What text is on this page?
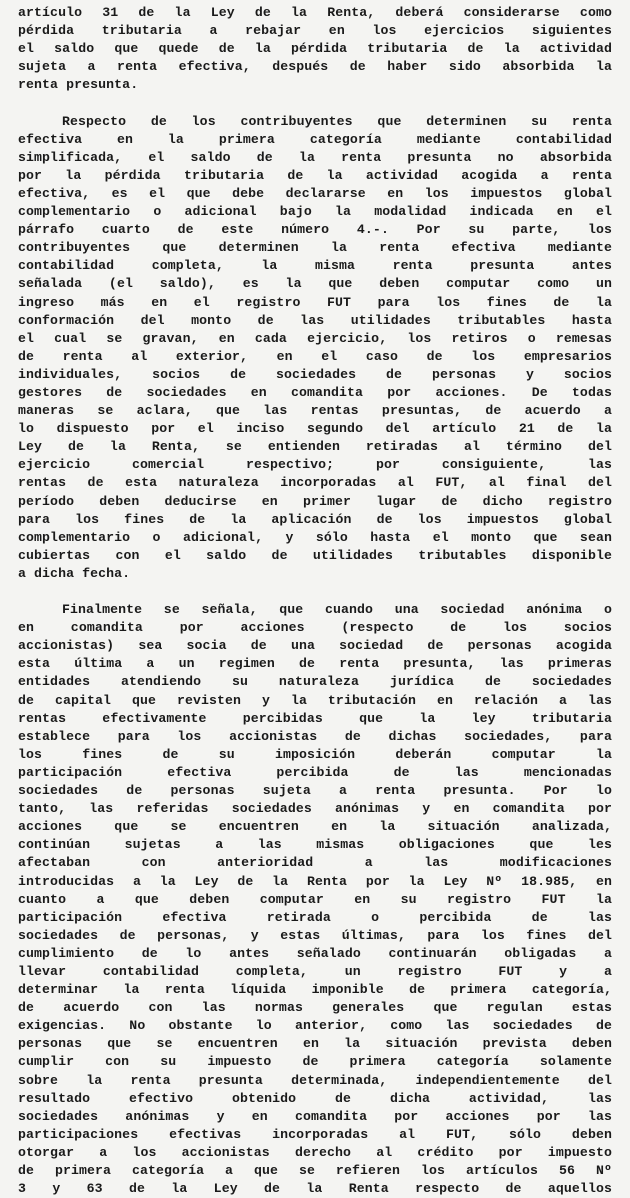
artículo 31 de la Ley de la Renta, deberá considerarse como
pérdida tributaria a rebajar en los ejercicios siguientes
el saldo que quede de la pérdida tributaria de la actividad
sujeta a renta efectiva, después de haber sido absorbida la
renta presunta.
Respecto de los contribuyentes que determinen su renta
efectiva en la primera categoría mediante contabilidad
simplificada, el saldo de la renta presunta no absorbida
por la pérdida tributaria de la actividad acogida a renta
efectiva, es el que debe declararse en los impuestos global
complementario o adicional bajo la modalidad indicada en el
párrafo cuarto de este número 4.-. Por su parte, los
contribuyentes que determinen la renta efectiva mediante
contabilidad completa, la misma renta presunta antes
señalada (el saldo), es la que deben computar como un
ingreso más en el registro FUT para los fines de la
conformación del monto de las utilidades tributables hasta
el cual se gravan, en cada ejercicio, los retiros o remesas
de renta al exterior, en el caso de los empresarios
individuales, socios de sociedades de personas y socios
gestores de sociedades en comandita por acciones. De todas
maneras se aclara, que las rentas presuntas, de acuerdo a
lo dispuesto por el inciso segundo del artículo 21 de la
Ley de la Renta, se entienden retiradas al término del
ejercicio comercial respectivo; por consiguiente, las
rentas de esta naturaleza incorporadas al FUT, al final del
período deben deducirse en primer lugar de dicho registro
para los fines de la aplicación de los impuestos global
complementario o adicional, y sólo hasta el monto que sean
cubiertas con el saldo de utilidades tributables disponible
a dicha fecha.
Finalmente se señala, que cuando una sociedad anónima o
en comandita por acciones (respecto de los socios
accionistas) sea socia de una sociedad de personas acogida
esta última a un regimen de renta presunta, las primeras
entidades atendiendo su naturaleza jurídica de sociedades
de capital que revisten y la tributación en relación a las
rentas efectivamente percibidas que la ley tributaria
establece para los accionistas de dichas sociedades, para
los fines de su imposición deberán computar la
participación efectiva percibida de las mencionadas
sociedades de personas sujeta a renta presunta. Por lo
tanto, las referidas sociedades anónimas y en comandita por
acciones que se encuentren en la situación analizada,
continúan sujetas a las mismas obligaciones que les
afectaban con anterioridad a las modificaciones
introducidas a la Ley de la Renta por la Ley Nº 18.985, en
cuanto a que deben computar en su registro FUT la
participación efectiva retirada o percibida de las
sociedades de personas, y estas últimas, para los fines del
cumplimiento de lo antes señalado continuarán obligadas a
llevar contabilidad completa, un registro FUT y a
determinar la renta líquida imponible de primera categoría,
de acuerdo con las normas generales que regulan estas
exigencias. No obstante lo anterior, como las sociedades de
personas que se encuentren en la situación prevista deben
cumplir con su impuesto de primera categoría solamente
sobre la renta presunta determinada, independientemente del
resultado efectivo obtenido de dicha actividad, las
sociedades anónimas y en comandita por acciones por las
participaciones efectivas incorporadas al FUT, sólo deben
otorgar a los accionistas derecho al crédito por impuesto
de primera categoría a que se refieren los artículos 56 Nº
3 y 63 de la Ley de la Renta respecto de aquellos
